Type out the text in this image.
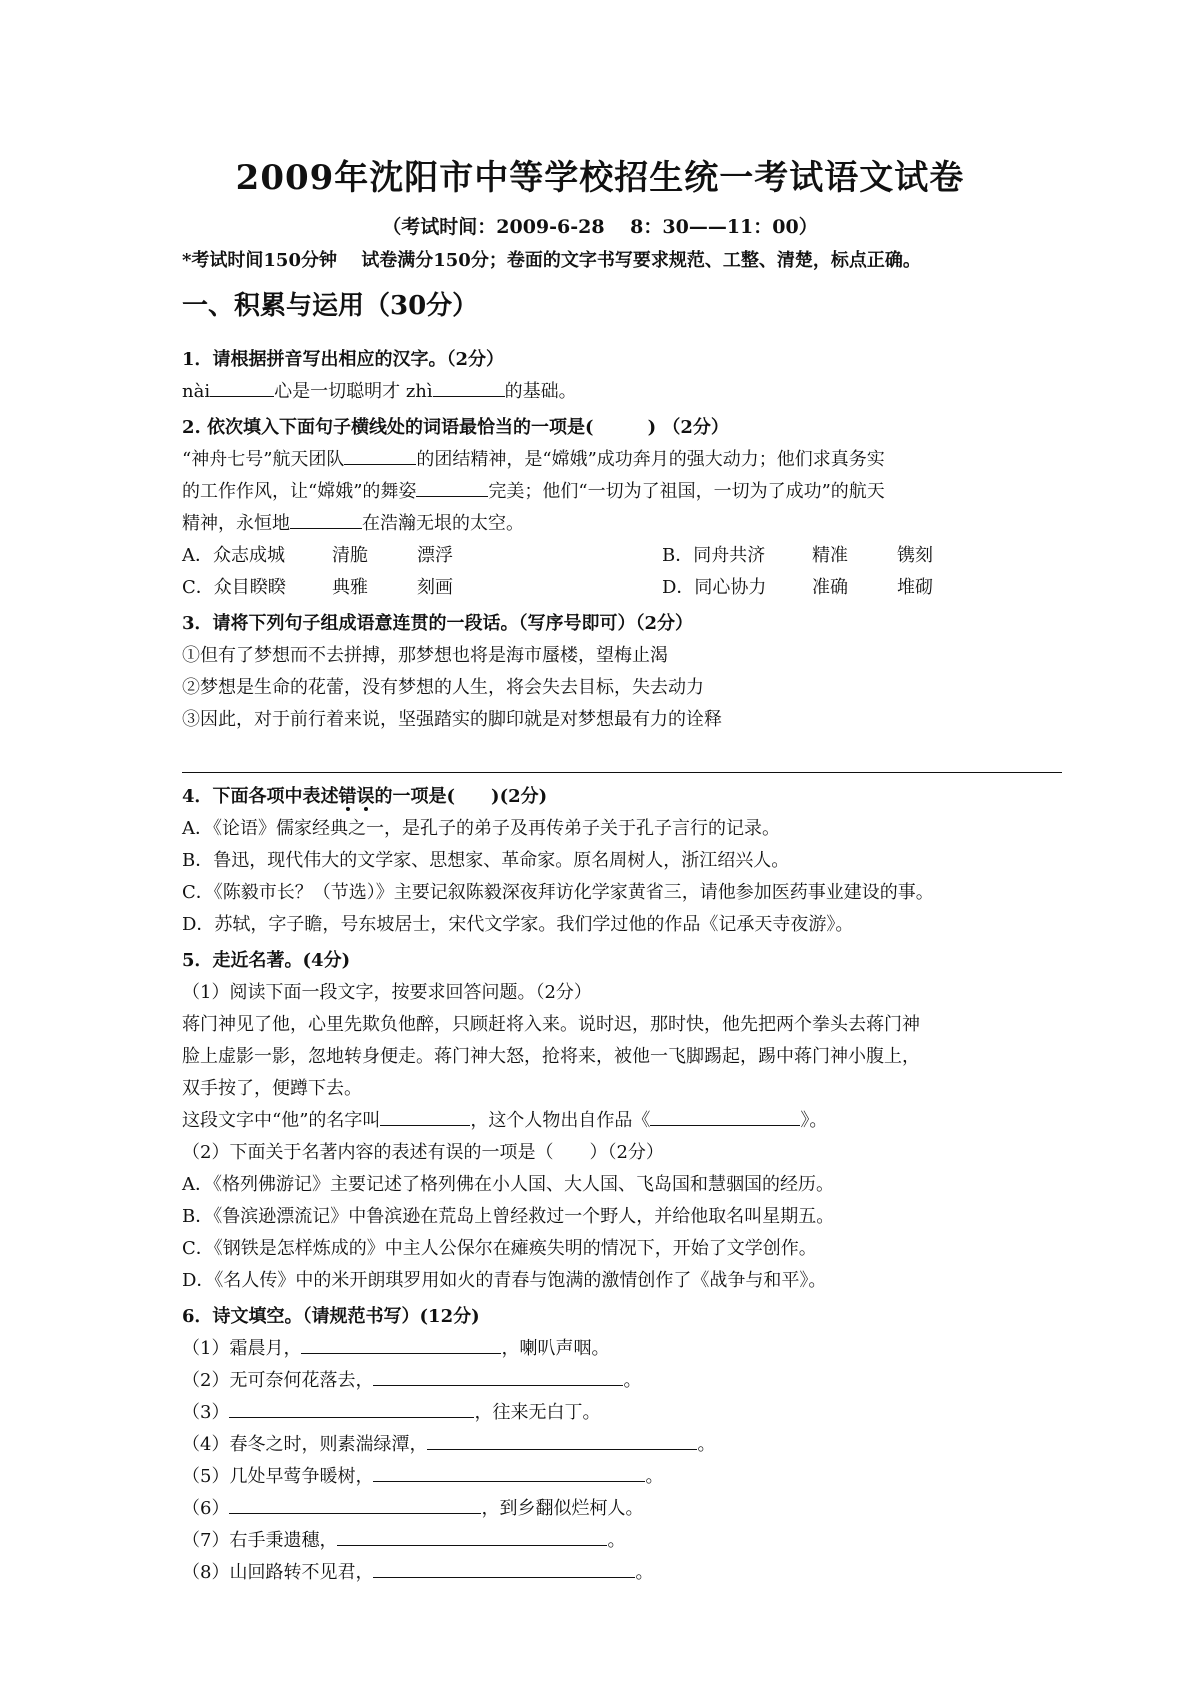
2009年沈阳市中等学校招生统一考试语文试卷
（考试时间：2009-6-28　 8：30——11：00）
*考试时间150分钟　 试卷满分150分；卷面的文字书写要求规范、工整、清楚，标点正确。
一、积累与运用（30分）
1．请根据拼音写出相应的汉字。（2分）
nài	心是一切聪明才 zhì	的基础。
2. 依次填入下面句子横线处的词语最恰当的一项是(　　　) （2分）
“神舟七号”航天团队	的团结精神，是“嫦娥”成功奔月的强大动力；他们求真务实
的工作作风，让“嫦娥”的舞姿	完美；他们“一切为了祖国，一切为了成功”的航天
精神，永恒地	在浩瀚无垠的太空。
A．众志成城	清脆	漂浮	B．同舟共济	精准	镌刻
C．众目睽睽	典雅	刻画	D．同心协力	准确	堆砌
3．请将下列句子组成语意连贯的一段话。（写序号即可）（2分）
①但有了梦想而不去拼搏，那梦想也将是海市蜃楼，望梅止渴
②梦想是生命的花蕾，没有梦想的人生，将会失去目标，失去动力
③因此，对于前行着来说，坚强踏实的脚印就是对梦想最有力的诠释
4．下面各项中表述错误的一项是(　　)(2分)
A．《论语》儒家经典之一，是孔子的弟子及再传弟子关于孔子言行的记录。
B．鲁迅，现代伟大的文学家、思想家、革命家。原名周树人，浙江绍兴人。
C．《陈毅市长？（节选）》主要记叙陈毅深夜拜访化学家黄省三，请他参加医药事业建设的事。
D．苏轼，字子瞻，号东坡居士，宋代文学家。我们学过他的作品《记承天寺夜游》。
5．走近名著。(4分)
（1）阅读下面一段文字，按要求回答问题。（2分）
蒋门神见了他，心里先欺负他醉，只顾赶将入来。说时迟，那时快，他先把两个拳头去蒋门神
脸上虚影一影，忽地转身便走。蒋门神大怒，抢将来，被他一飞脚踢起，踢中蒋门神小腹上，
双手按了，便蹲下去。
这段文字中“他”的名字叫	，这个人物出自作品《	》。
（2）下面关于名著内容的表述有误的一项是（　　）（2分）
A．《格列佛游记》主要记述了格列佛在小人国、大人国、飞岛国和慧骃国的经历。
B．《鲁滨逊漂流记》中鲁滨逊在荒岛上曾经救过一个野人，并给他取名叫星期五。
C．《钢铁是怎样炼成的》中主人公保尔在瘫痪失明的情况下，开始了文学创作。
D．《名人传》中的米开朗琪罗用如火的青春与饱满的激情创作了《战争与和平》。
6．诗文填空。（请规范书写）(12分)
（1）霜晨月，	，喇叭声咽。
（2）无可奈何花落去，	。
（3）	，往来无白丁。
（4）春冬之时，则素湍绿潭，	。
（5）几处早莺争暖树，	。
（6）	，到乡翻似烂柯人。
（7）右手秉遗穗，	。
（8）山回路转不见君，	。
